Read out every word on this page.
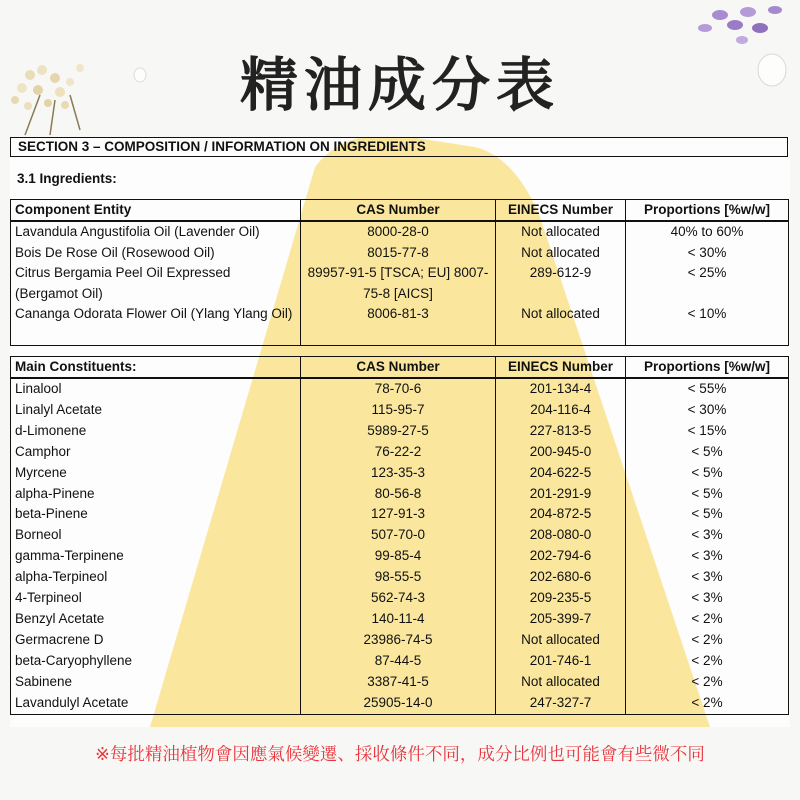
精油成分表
SECTION 3 – COMPOSITION / INFORMATION ON INGREDIENTS
3.1 Ingredients:
Component Entity	CAS Number	EINECS Number	Proportions [%w/w]
Lavandula Angustifolia Oil (Lavender Oil)	8000-28-0	Not allocated	40% to 60%
Bois De Rose Oil (Rosewood Oil)	8015-77-8	Not allocated	< 30%
Citrus Bergamia Peel Oil Expressed (Bergamot Oil)	89957-91-5 [TSCA; EU] 8007-75-8 [AICS]	289-612-9	< 25%
Cananga Odorata Flower Oil (Ylang Ylang Oil)	8006-81-3	Not allocated	< 10%
Main Constituents:	CAS Number	EINECS Number	Proportions [%w/w]
Linalool	78-70-6	201-134-4	< 55%
Linalyl Acetate	115-95-7	204-116-4	< 30%
d-Limonene	5989-27-5	227-813-5	< 15%
Camphor	76-22-2	200-945-0	< 5%
Myrcene	123-35-3	204-622-5	< 5%
alpha-Pinene	80-56-8	201-291-9	< 5%
beta-Pinene	127-91-3	204-872-5	< 5%
Borneol	507-70-0	208-080-0	< 3%
gamma-Terpinene	99-85-4	202-794-6	< 3%
alpha-Terpineol	98-55-5	202-680-6	< 3%
4-Terpineol	562-74-3	209-235-5	< 3%
Benzyl Acetate	140-11-4	205-399-7	< 2%
Germacrene D	23986-74-5	Not allocated	< 2%
beta-Caryophyllene	87-44-5	201-746-1	< 2%
Sabinene	3387-41-5	Not allocated	< 2%
Lavandulyl Acetate	25905-14-0	247-327-7	< 2%
※每批精油植物會因應氣候變遷、採收條件不同，成分比例也可能會有些微不同
